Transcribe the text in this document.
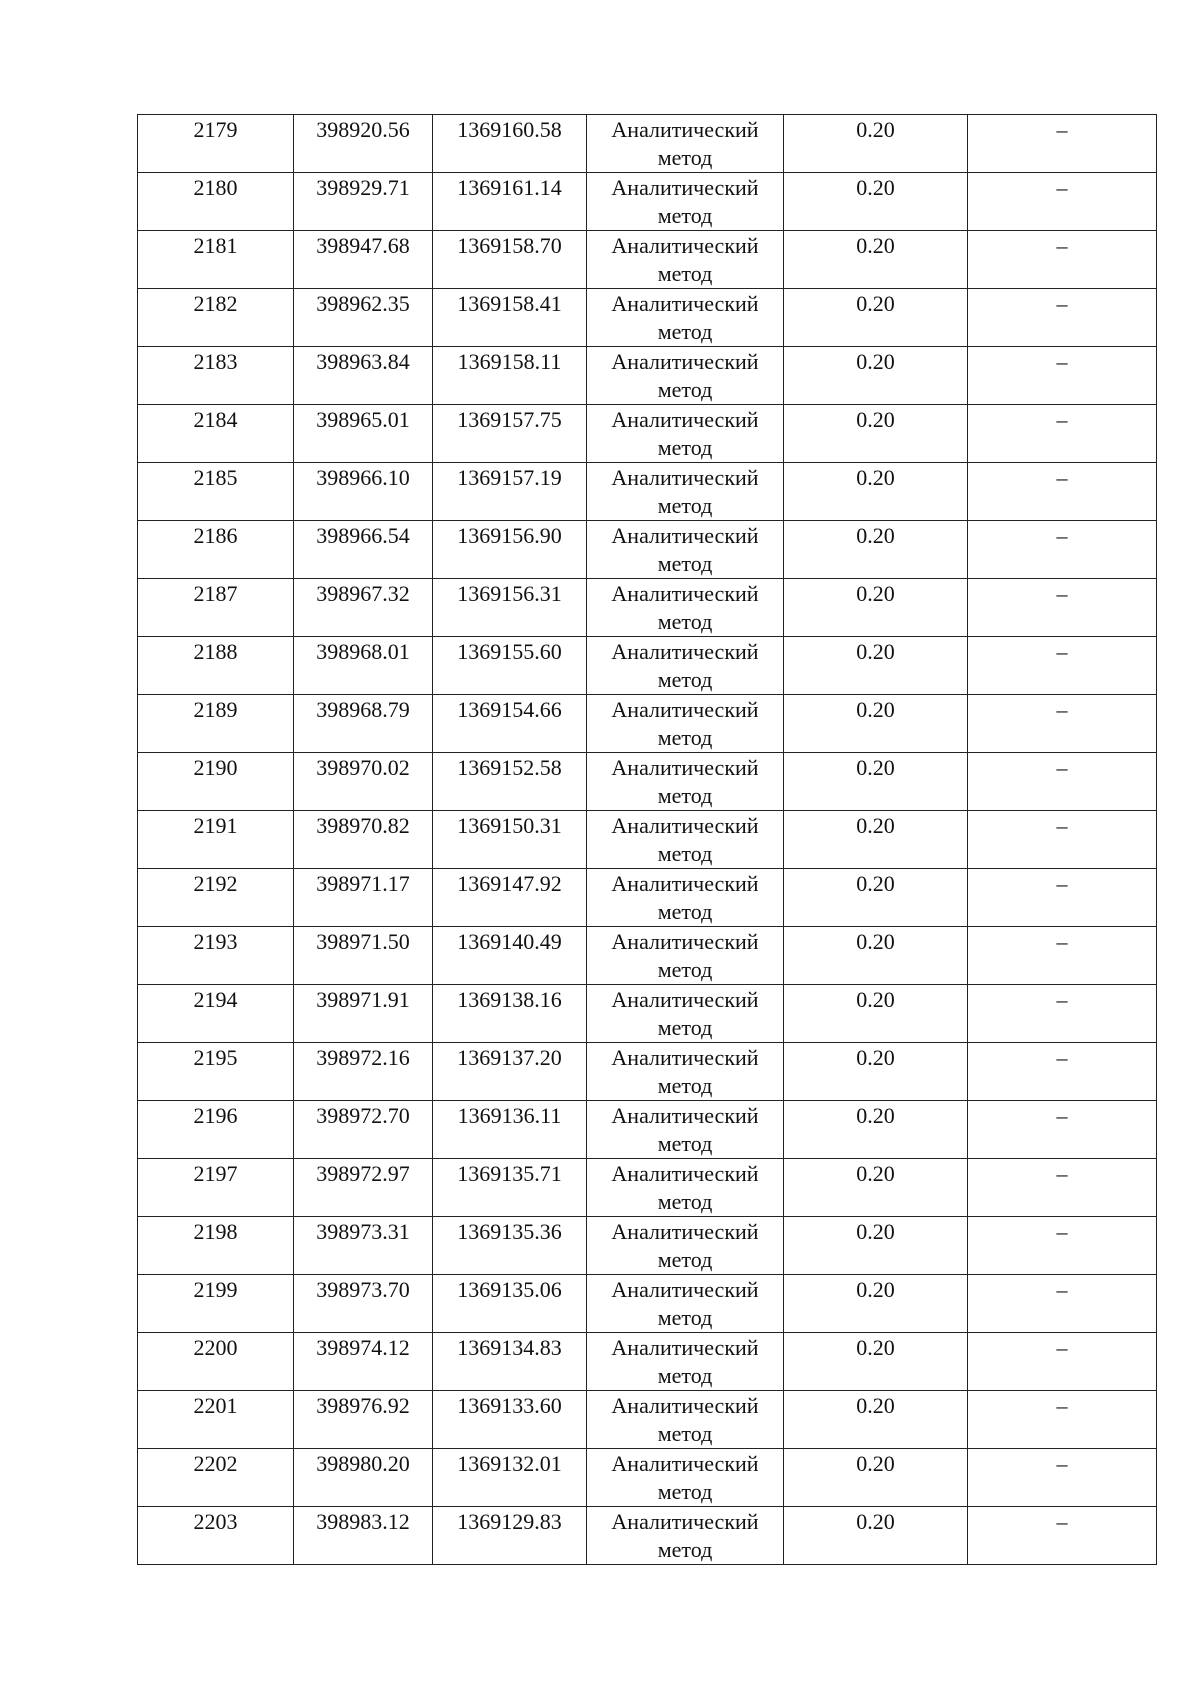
2179	398920.56	1369160.58	Аналитический метод	0.20	–

2180	398929.71	1369161.14	Аналитический метод	0.20	–

2181	398947.68	1369158.70	Аналитический метод	0.20	–

2182	398962.35	1369158.41	Аналитический метод	0.20	–

2183	398963.84	1369158.11	Аналитический метод	0.20	–

2184	398965.01	1369157.75	Аналитический метод	0.20	–

2185	398966.10	1369157.19	Аналитический метод	0.20	–

2186	398966.54	1369156.90	Аналитический метод	0.20	–

2187	398967.32	1369156.31	Аналитический метод	0.20	–

2188	398968.01	1369155.60	Аналитический метод	0.20	–

2189	398968.79	1369154.66	Аналитический метод	0.20	–

2190	398970.02	1369152.58	Аналитический метод	0.20	–

2191	398970.82	1369150.31	Аналитический метод	0.20	–

2192	398971.17	1369147.92	Аналитический метод	0.20	–

2193	398971.50	1369140.49	Аналитический метод	0.20	–

2194	398971.91	1369138.16	Аналитический метод	0.20	–

2195	398972.16	1369137.20	Аналитический метод	0.20	–

2196	398972.70	1369136.11	Аналитический метод	0.20	–

2197	398972.97	1369135.71	Аналитический метод	0.20	–

2198	398973.31	1369135.36	Аналитический метод	0.20	–

2199	398973.70	1369135.06	Аналитический метод	0.20	–

2200	398974.12	1369134.83	Аналитический метод	0.20	–

2201	398976.92	1369133.60	Аналитический метод	0.20	–

2202	398980.20	1369132.01	Аналитический метод	0.20	–

2203	398983.12	1369129.83	Аналитический метод	0.20	–
